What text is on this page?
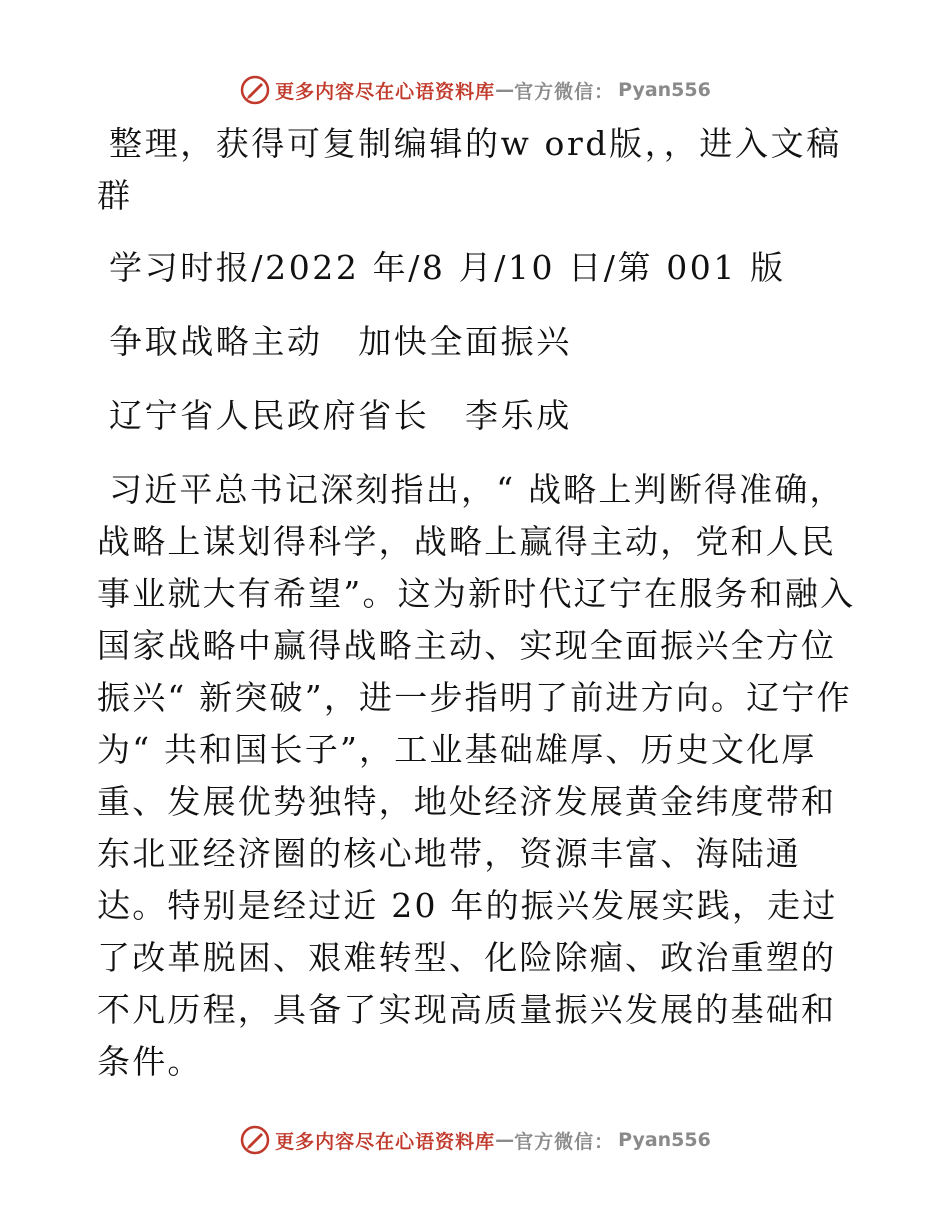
更多内容尽在心语资料库 — 官方微信： Pyan556

整理，获得可复制编辑的w ord版，，进入文稿群

学习时报/2022 年/8 月/10 日/第 001 版

争取战略主动　加快全面振兴

辽宁省人民政府省长　李乐成

习近平总书记深刻指出，“ 战略上判断得准确，战略上谋划得科学，战略上赢得主动，党和人民事业就大有希望”。这为新时代辽宁在服务和融入国家战略中赢得战略主动、实现全面振兴全方位振兴“ 新突破”，进一步指明了前进方向。辽宁作为“ 共和国长子”，工业基础雄厚、历史文化厚重、发展优势独特，地处经济发展黄金纬度带和东北亚经济圈的核心地带，资源丰富、海陆通达。特别是经过近 20 年的振兴发展实践，走过了改革脱困、艰难转型、化险除痼、政治重塑的不凡历程，具备了实现高质量振兴发展的基础和条件。

更多内容尽在心语资料库 — 官方微信： Pyan556
